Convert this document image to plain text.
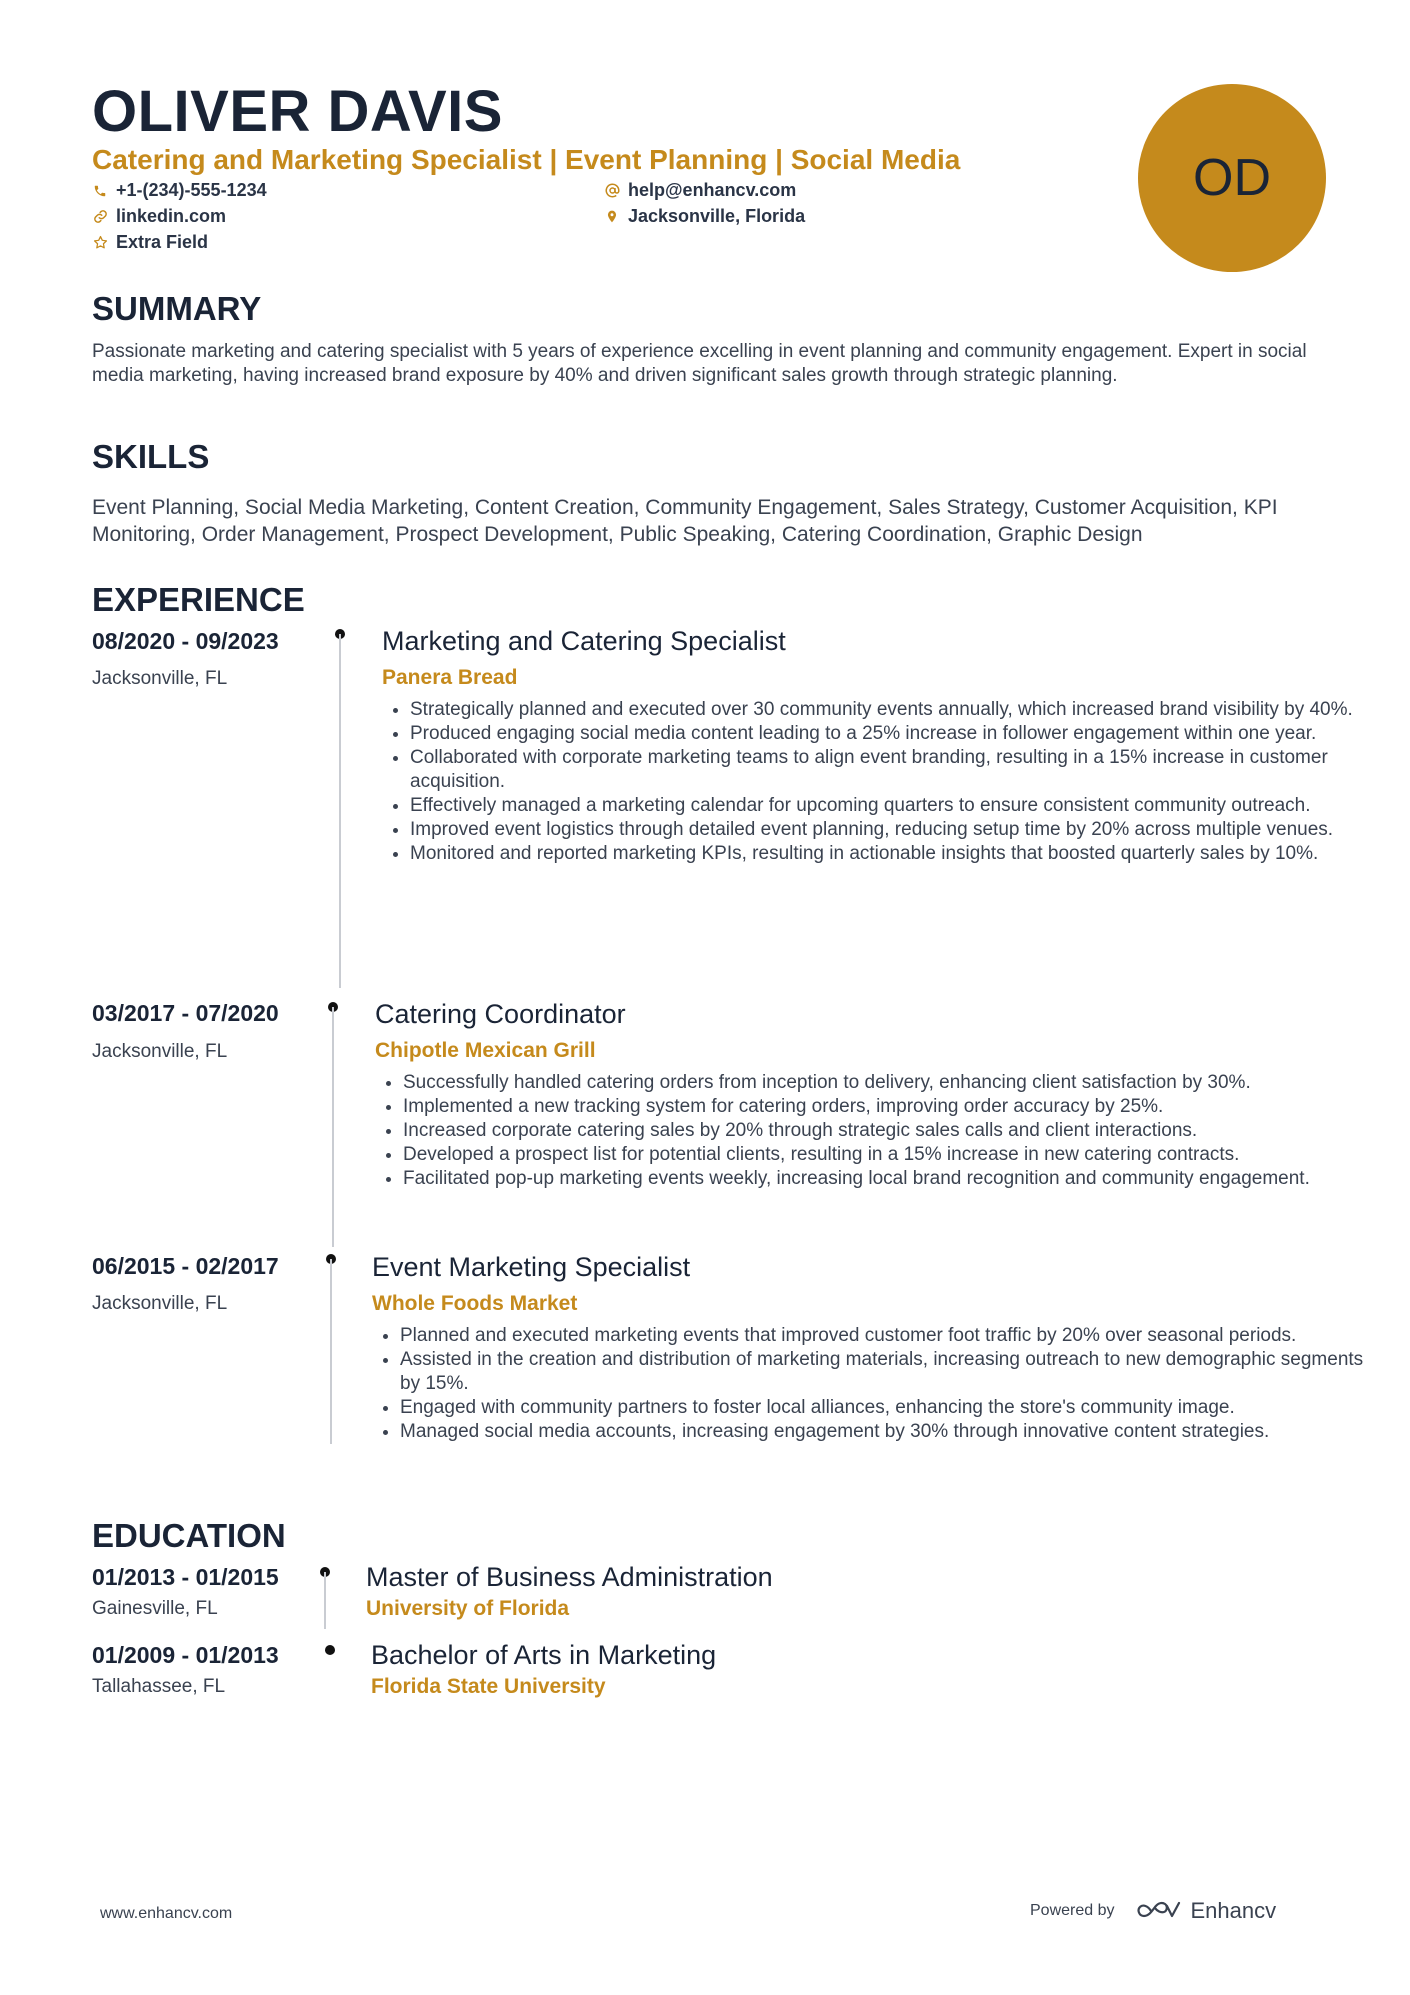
OLIVER DAVIS
Catering and Marketing Specialist | Event Planning | Social Media
+1-(234)-555-1234	help@enhancv.com
linkedin.com	Jacksonville, Florida
Extra Field
OD
SUMMARY
Passionate marketing and catering specialist with 5 years of experience excelling in event planning and community engagement. Expert in social media marketing, having increased brand exposure by 40% and driven significant sales growth through strategic planning.
SKILLS
Event Planning, Social Media Marketing, Content Creation, Community Engagement, Sales Strategy, Customer Acquisition, KPI Monitoring, Order Management, Prospect Development, Public Speaking, Catering Coordination, Graphic Design
EXPERIENCE
08/2020 - 09/2023
Jacksonville, FL
Marketing and Catering Specialist
Panera Bread
• Strategically planned and executed over 30 community events annually, which increased brand visibility by 40%.
• Produced engaging social media content leading to a 25% increase in follower engagement within one year.
• Collaborated with corporate marketing teams to align event branding, resulting in a 15% increase in customer acquisition.
• Effectively managed a marketing calendar for upcoming quarters to ensure consistent community outreach.
• Improved event logistics through detailed event planning, reducing setup time by 20% across multiple venues.
• Monitored and reported marketing KPIs, resulting in actionable insights that boosted quarterly sales by 10%.
03/2017 - 07/2020
Jacksonville, FL
Catering Coordinator
Chipotle Mexican Grill
• Successfully handled catering orders from inception to delivery, enhancing client satisfaction by 30%.
• Implemented a new tracking system for catering orders, improving order accuracy by 25%.
• Increased corporate catering sales by 20% through strategic sales calls and client interactions.
• Developed a prospect list for potential clients, resulting in a 15% increase in new catering contracts.
• Facilitated pop-up marketing events weekly, increasing local brand recognition and community engagement.
06/2015 - 02/2017
Jacksonville, FL
Event Marketing Specialist
Whole Foods Market
• Planned and executed marketing events that improved customer foot traffic by 20% over seasonal periods.
• Assisted in the creation and distribution of marketing materials, increasing outreach to new demographic segments by 15%.
• Engaged with community partners to foster local alliances, enhancing the store's community image.
• Managed social media accounts, increasing engagement by 30% through innovative content strategies.
EDUCATION
01/2013 - 01/2015
Gainesville, FL
Master of Business Administration
University of Florida
01/2009 - 01/2013
Tallahassee, FL
Bachelor of Arts in Marketing
Florida State University
www.enhancv.com	Powered by	Enhancv
